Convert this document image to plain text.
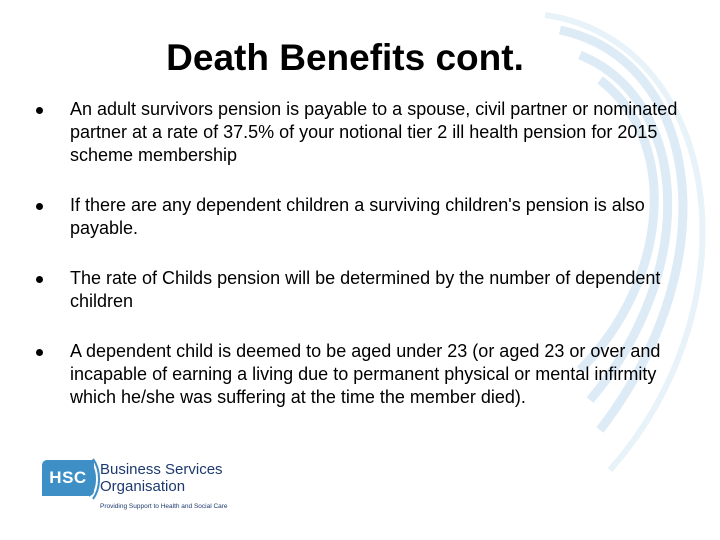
Death Benefits cont.
An adult survivors pension is payable to a spouse, civil partner or nominated partner at a rate of 37.5% of your notional tier 2 ill health pension for 2015 scheme membership
If there are any dependent children a surviving children's pension is also payable.
The rate of Childs pension will be determined by the number of dependent children
A dependent child is deemed to be aged under 23 (or aged 23 or over and incapable of earning a living due to permanent physical or mental infirmity which he/she was suffering at the time the member died).
HSC Business Services
Organisation
Providing Support to Health and Social Care
